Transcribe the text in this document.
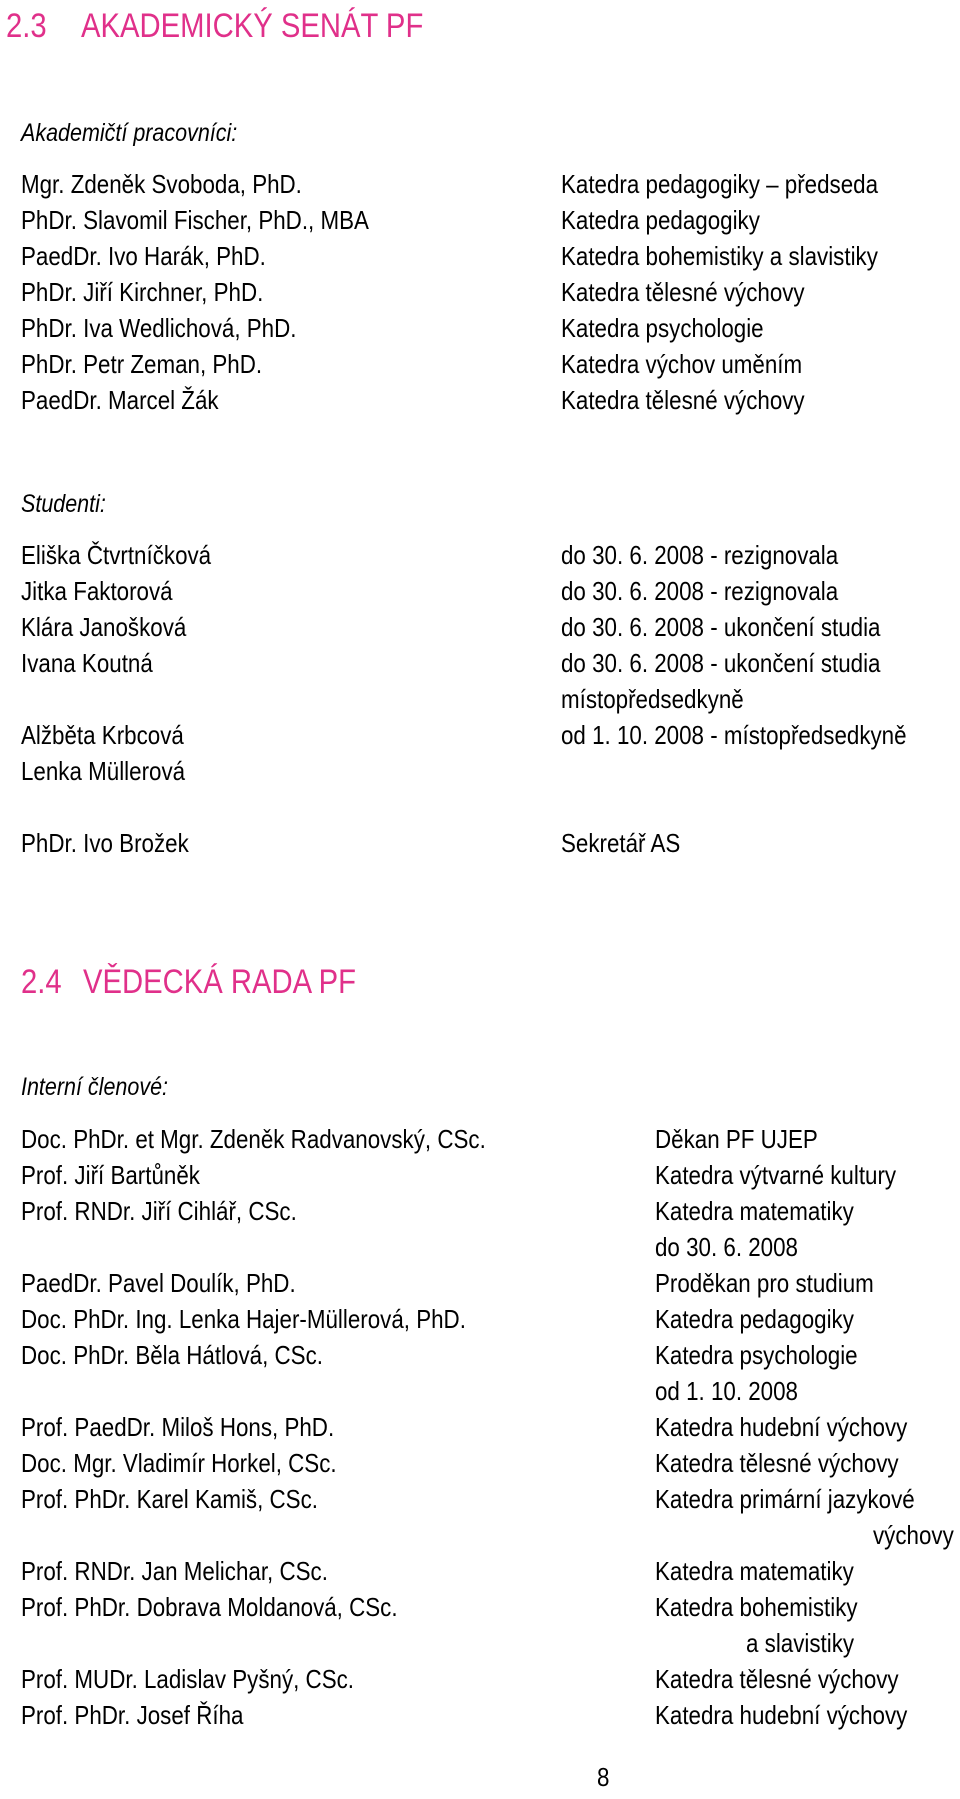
2.3 AKADEMICKÝ SENÁT PF
Akademičtí pracovníci:
Mgr. Zdeněk Svoboda, PhD.	Katedra pedagogiky – předseda
PhDr. Slavomil Fischer, PhD., MBA	Katedra pedagogiky
PaedDr. Ivo Harák, PhD.	Katedra bohemistiky a slavistiky
PhDr. Jiří Kirchner, PhD.	Katedra tělesné výchovy
PhDr. Iva Wedlichová, PhD.	Katedra psychologie
PhDr. Petr Zeman, PhD.	Katedra výchov uměním
PaedDr. Marcel Žák	Katedra tělesné výchovy
Studenti:
Eliška Čtvrtníčková	do 30. 6. 2008 - rezignovala
Jitka Faktorová	do 30. 6. 2008 - rezignovala
Klára Janošková	do 30. 6. 2008 - ukončení studia
Ivana Koutná	do 30. 6. 2008 - ukončení studia
místopředsedkyně
Alžběta Krbcová	od 1. 10. 2008 - místopředsedkyně
Lenka Müllerová
PhDr. Ivo Brožek	Sekretář AS
2.4 VĚDECKÁ RADA PF
Interní členové:
Doc. PhDr. et Mgr. Zdeněk Radvanovský, CSc.	Děkan PF UJEP
Prof. Jiří Bartůněk	Katedra výtvarné kultury
Prof. RNDr. Jiří Cihlář, CSc.	Katedra matematiky
do 30. 6. 2008
PaedDr. Pavel Doulík, PhD.	Proděkan pro studium
Doc. PhDr. Ing. Lenka Hajer-Müllerová, PhD.	Katedra pedagogiky
Doc. PhDr. Běla Hátlová, CSc.	Katedra psychologie
od 1. 10. 2008
Prof. PaedDr. Miloš Hons, PhD.	Katedra hudební výchovy
Doc. Mgr. Vladimír Horkel, CSc.	Katedra tělesné výchovy
Prof. PhDr. Karel Kamiš, CSc.	Katedra primární jazykové
výchovy
Prof. RNDr. Jan Melichar, CSc.	Katedra matematiky
Prof. PhDr. Dobrava Moldanová, CSc.	Katedra bohemistiky
a slavistiky
Prof. MUDr. Ladislav Pyšný, CSc.	Katedra tělesné výchovy
Prof. PhDr. Josef Říha	Katedra hudební výchovy
8
